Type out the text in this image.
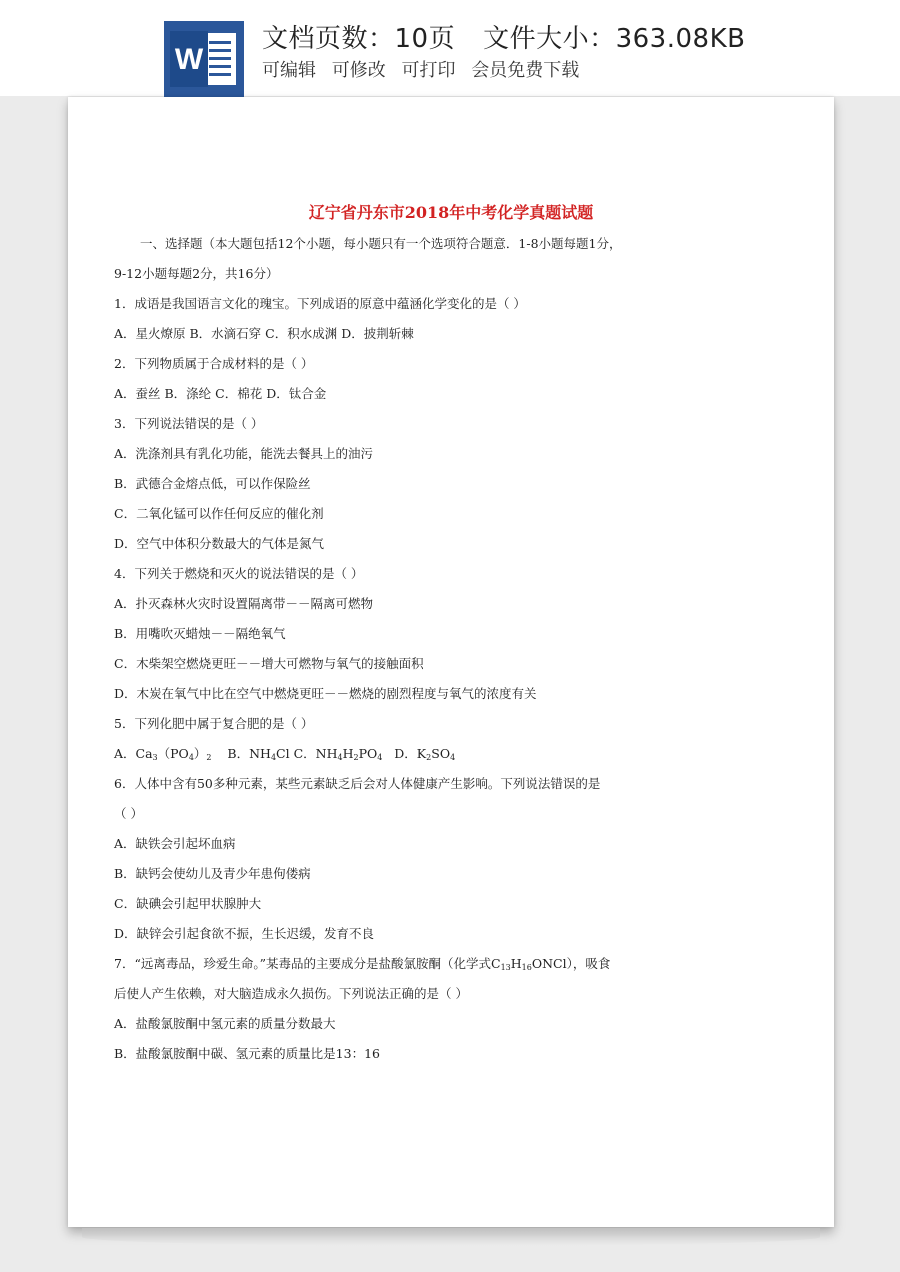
W
文档页数：10页 文件大小：363.08KB
可编辑 可修改 可打印 会员免费下载
辽宁省丹东市2018年中考化学真题试题
一、选择题（本大题包括12个小题，每小题只有一个选项符合题意．1-8小题每题1分，
9-12小题每题2分，共16分）
1．成语是我国语言文化的瑰宝。下列成语的原意中蕴涵化学变化的是（ ）
A．星火燎原 B．水滴石穿 C．积水成渊 D．披荆斩棘
2．下列物质属于合成材料的是（ ）
A．蚕丝 B．涤纶 C．棉花 D．钛合金
3．下列说法错误的是（ ）
A．洗涤剂具有乳化功能，能洗去餐具上的油污
B．武德合金熔点低，可以作保险丝
C．二氧化锰可以作任何反应的催化剂
D．空气中体积分数最大的气体是氮气
4．下列关于燃烧和灭火的说法错误的是（ ）
A．扑灭森林火灾时设置隔离带－－隔离可燃物
B．用嘴吹灭蜡烛－－隔绝氧气
C．木柴架空燃烧更旺－－增大可燃物与氧气的接触面积
D．木炭在氧气中比在空气中燃烧更旺－－燃烧的剧烈程度与氧气的浓度有关
5．下列化肥中属于复合肥的是（ ）
A．$Ca_3(PO_4)_2$ B．$NH_4Cl$ C．$NH_4H_2PO_4$ D．$K_2SO_4$
6．人体中含有50多种元素，某些元素缺乏后会对人体健康产生影响。下列说法错误的是
（ ）
A．缺铁会引起坏血病
B．缺钙会使幼儿及青少年患佝偻病
C．缺碘会引起甲状腺肿大
D．缺锌会引起食欲不振，生长迟缓，发育不良
7．“远离毒品，珍爱生命。”某毒品的主要成分是盐酸氯胺酮（化学式$C_{13}H_{16}ONCl$），吸食
后使人产生依赖，对大脑造成永久损伤。下列说法正确的是（ ）
A．盐酸氯胺酮中氢元素的质量分数最大
B．盐酸氯胺酮中碳、氢元素的质量比是13：16
